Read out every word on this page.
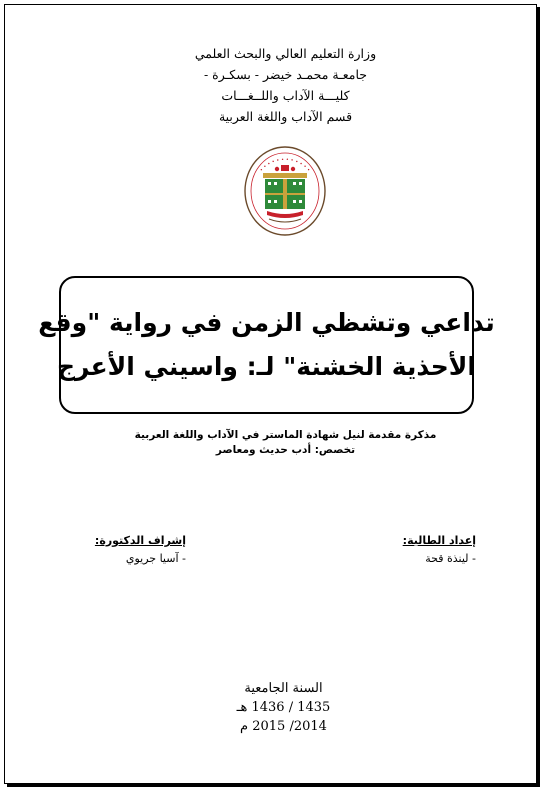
وزارة التعليم العالي والبحث العلمي
جامعـة محمـد خيضر - بسكـرة -
كليـــة الآداب واللــغـــات
قسم الآداب واللغة العربية
• • • • • • • • • • • •
تداعي وتشظي الزمن في رواية "وقع
الأحذية الخشنة" لـ: واسيني الأعرج
مذكرة مقدمة لنيل شهادة الماستر في الآداب واللغة العربية
تخصص: أدب حديث ومعاصر
إعداد الطالبة:
- لينذة قحة
إشراف الدكتورة:
- آسيا جريوي
السنة الجامعية
1435 / 1436 هـ
2014/ 2015 م
